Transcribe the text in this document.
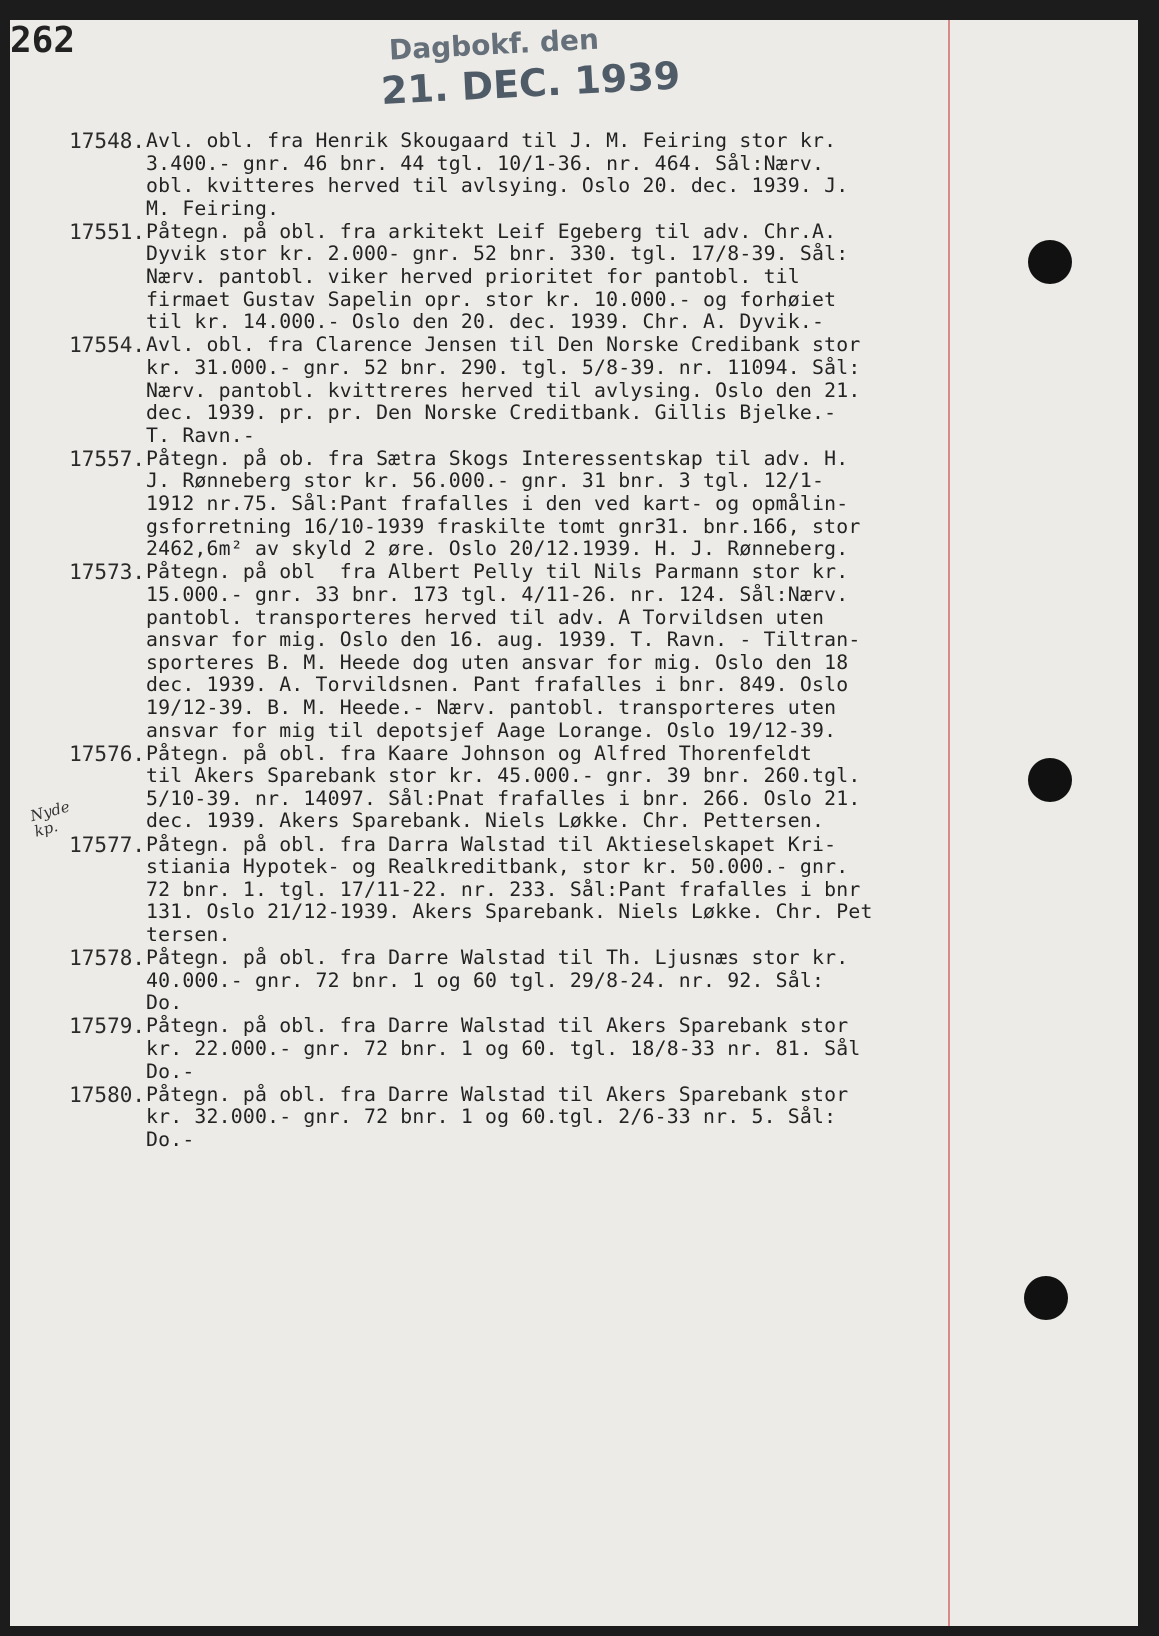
262	Dagbokf. den
21. DEC. 1939
Nyde
kp.
17548. Avl. obl. fra Henrik Skougaard til J. M. Feiring stor kr.
3.400.- gnr. 46 bnr. 44 tgl. 10/1-36. nr. 464. Sål:Nærv.
obl. kvitteres herved til avlsying. Oslo 20. dec. 1939. J.
M. Feiring.
17551. Påtegn. på obl. fra arkitekt Leif Egeberg til adv. Chr.A.
Dyvik stor kr. 2.000- gnr. 52 bnr. 330. tgl. 17/8-39. Sål:
Nærv. pantobl. viker herved prioritet for pantobl. til
firmaet Gustav Sapelin opr. stor kr. 10.000.- og forhøiet
til kr. 14.000.- Oslo den 20. dec. 1939. Chr. A. Dyvik.-
17554. Avl. obl. fra Clarence Jensen til Den Norske Credibank stor
kr. 31.000.- gnr. 52 bnr. 290. tgl. 5/8-39. nr. 11094. Sål:
Nærv. pantobl. kvittreres herved til avlysing. Oslo den 21.
dec. 1939. pr. pr. Den Norske Creditbank. Gillis Bjelke.-
T. Ravn.-
17557. Påtegn. på ob. fra Sætra Skogs Interessentskap til adv. H.
J. Rønneberg stor kr. 56.000.- gnr. 31 bnr. 3 tgl. 12/1-
1912 nr.75. Sål:Pant frafalles i den ved kart- og opmålin-
gsforretning 16/10-1939 fraskilte tomt gnr31. bnr.166, stor
2462,6m² av skyld 2 øre. Oslo 20/12.1939. H. J. Rønneberg.
17573. Påtegn. på obl  fra Albert Pelly til Nils Parmann stor kr.
15.000.- gnr. 33 bnr. 173 tgl. 4/11-26. nr. 124. Sål:Nærv.
pantobl. transporteres herved til adv. A Torvildsen uten
ansvar for mig. Oslo den 16. aug. 1939. T. Ravn. - Tiltran-
sporteres B. M. Heede dog uten ansvar for mig. Oslo den 18
dec. 1939. A. Torvildsnen. Pant frafalles i bnr. 849. Oslo
19/12-39. B. M. Heede.- Nærv. pantobl. transporteres uten
ansvar for mig til depotsjef Aage Lorange. Oslo 19/12-39.
17576. Påtegn. på obl. fra Kaare Johnson og Alfred Thorenfeldt
til Akers Sparebank stor kr. 45.000.- gnr. 39 bnr. 260.tgl.
5/10-39. nr. 14097. Sål:Pnat frafalles i bnr. 266. Oslo 21.
dec. 1939. Akers Sparebank. Niels Løkke. Chr. Pettersen.
17577. Påtegn. på obl. fra Darra Walstad til Aktieselskapet Kri-
stiania Hypotek- og Realkreditbank, stor kr. 50.000.- gnr.
72 bnr. 1. tgl. 17/11-22. nr. 233. Sål:Pant frafalles i bnr
131. Oslo 21/12-1939. Akers Sparebank. Niels Løkke. Chr. Pet
tersen.
17578. Påtegn. på obl. fra Darre Walstad til Th. Ljusnæs stor kr.
40.000.- gnr. 72 bnr. 1 og 60 tgl. 29/8-24. nr. 92. Sål:
Do.
17579. Påtegn. på obl. fra Darre Walstad til Akers Sparebank stor
kr. 22.000.- gnr. 72 bnr. 1 og 60. tgl. 18/8-33 nr. 81. Sål
Do.-
17580. Påtegn. på obl. fra Darre Walstad til Akers Sparebank stor
kr. 32.000.- gnr. 72 bnr. 1 og 60.tgl. 2/6-33 nr. 5. Sål:
Do.-
